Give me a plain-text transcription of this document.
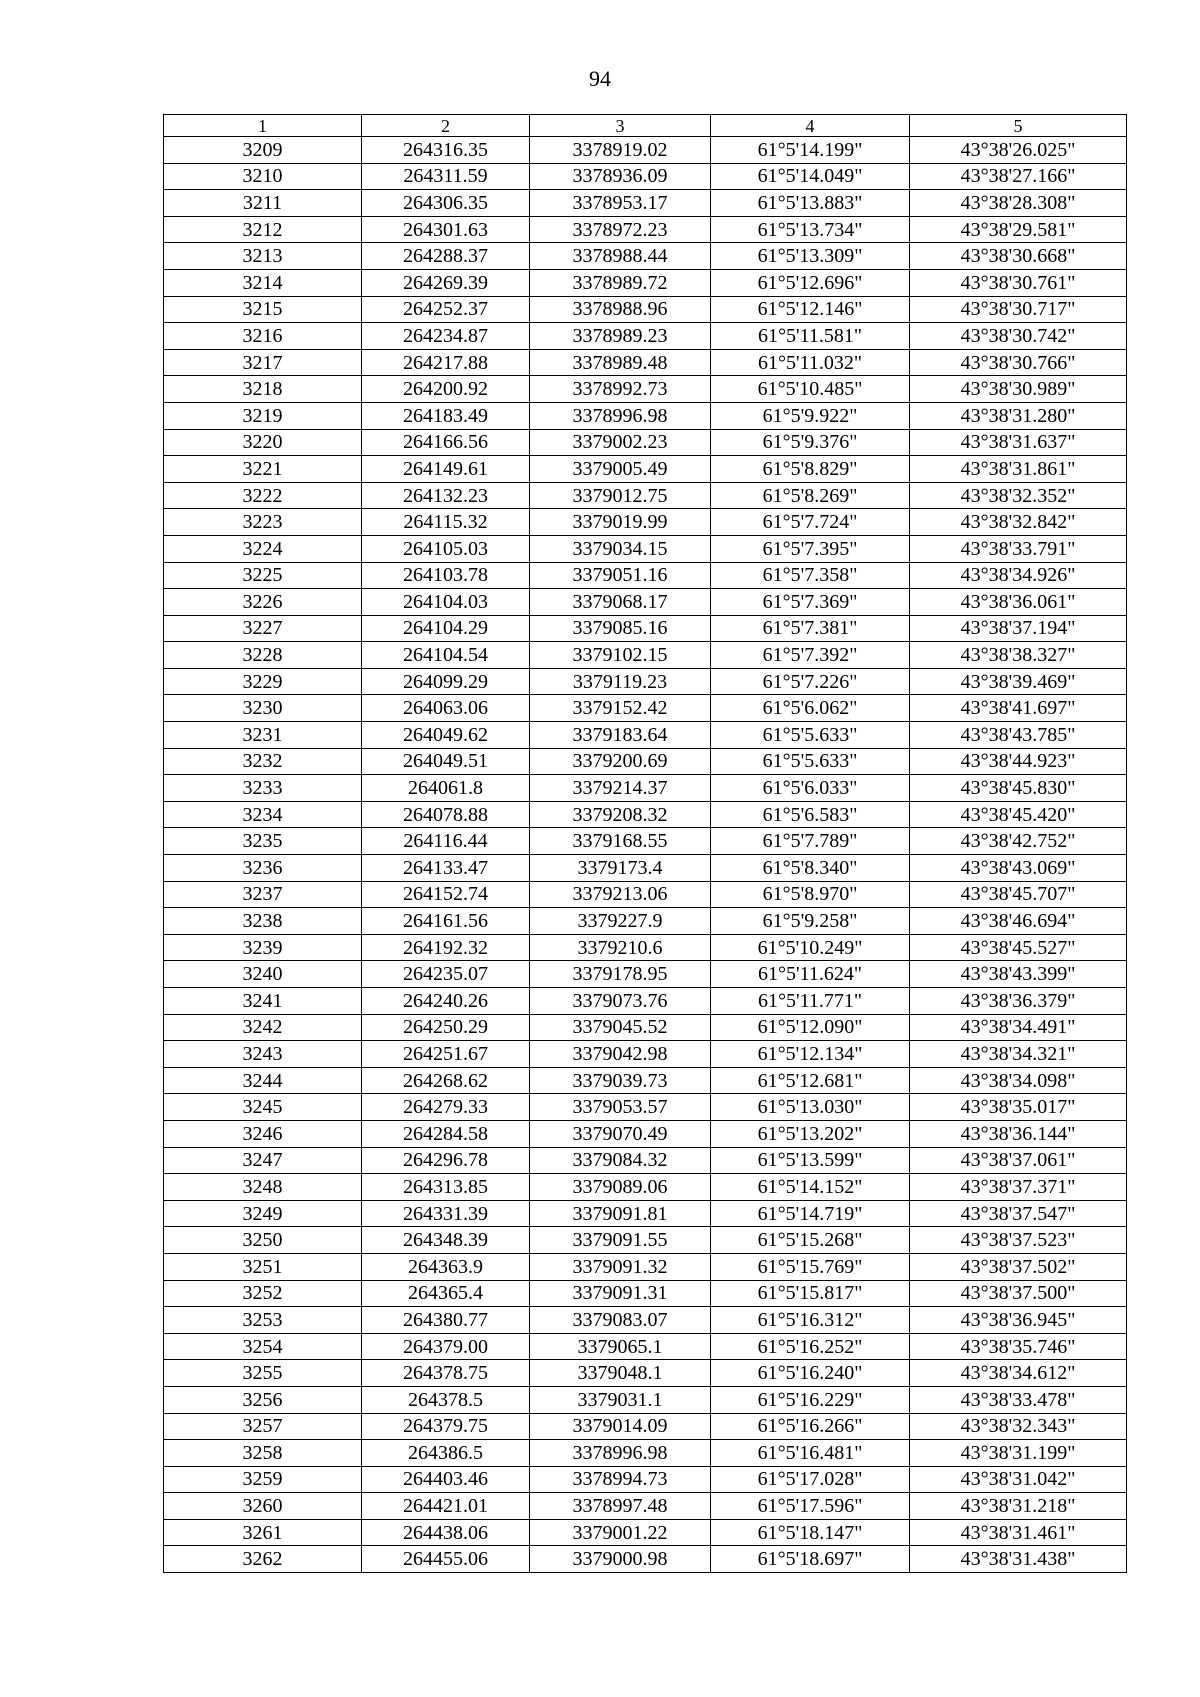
94
1	2	3	4	5
3209	264316.35	3378919.02	61°5'14.199"	43°38'26.025"
3210	264311.59	3378936.09	61°5'14.049"	43°38'27.166"
3211	264306.35	3378953.17	61°5'13.883"	43°38'28.308"
3212	264301.63	3378972.23	61°5'13.734"	43°38'29.581"
3213	264288.37	3378988.44	61°5'13.309"	43°38'30.668"
3214	264269.39	3378989.72	61°5'12.696"	43°38'30.761"
3215	264252.37	3378988.96	61°5'12.146"	43°38'30.717"
3216	264234.87	3378989.23	61°5'11.581"	43°38'30.742"
3217	264217.88	3378989.48	61°5'11.032"	43°38'30.766"
3218	264200.92	3378992.73	61°5'10.485"	43°38'30.989"
3219	264183.49	3378996.98	61°5'9.922"	43°38'31.280"
3220	264166.56	3379002.23	61°5'9.376"	43°38'31.637"
3221	264149.61	3379005.49	61°5'8.829"	43°38'31.861"
3222	264132.23	3379012.75	61°5'8.269"	43°38'32.352"
3223	264115.32	3379019.99	61°5'7.724"	43°38'32.842"
3224	264105.03	3379034.15	61°5'7.395"	43°38'33.791"
3225	264103.78	3379051.16	61°5'7.358"	43°38'34.926"
3226	264104.03	3379068.17	61°5'7.369"	43°38'36.061"
3227	264104.29	3379085.16	61°5'7.381"	43°38'37.194"
3228	264104.54	3379102.15	61°5'7.392"	43°38'38.327"
3229	264099.29	3379119.23	61°5'7.226"	43°38'39.469"
3230	264063.06	3379152.42	61°5'6.062"	43°38'41.697"
3231	264049.62	3379183.64	61°5'5.633"	43°38'43.785"
3232	264049.51	3379200.69	61°5'5.633"	43°38'44.923"
3233	264061.8	3379214.37	61°5'6.033"	43°38'45.830"
3234	264078.88	3379208.32	61°5'6.583"	43°38'45.420"
3235	264116.44	3379168.55	61°5'7.789"	43°38'42.752"
3236	264133.47	3379173.4	61°5'8.340"	43°38'43.069"
3237	264152.74	3379213.06	61°5'8.970"	43°38'45.707"
3238	264161.56	3379227.9	61°5'9.258"	43°38'46.694"
3239	264192.32	3379210.6	61°5'10.249"	43°38'45.527"
3240	264235.07	3379178.95	61°5'11.624"	43°38'43.399"
3241	264240.26	3379073.76	61°5'11.771"	43°38'36.379"
3242	264250.29	3379045.52	61°5'12.090"	43°38'34.491"
3243	264251.67	3379042.98	61°5'12.134"	43°38'34.321"
3244	264268.62	3379039.73	61°5'12.681"	43°38'34.098"
3245	264279.33	3379053.57	61°5'13.030"	43°38'35.017"
3246	264284.58	3379070.49	61°5'13.202"	43°38'36.144"
3247	264296.78	3379084.32	61°5'13.599"	43°38'37.061"
3248	264313.85	3379089.06	61°5'14.152"	43°38'37.371"
3249	264331.39	3379091.81	61°5'14.719"	43°38'37.547"
3250	264348.39	3379091.55	61°5'15.268"	43°38'37.523"
3251	264363.9	3379091.32	61°5'15.769"	43°38'37.502"
3252	264365.4	3379091.31	61°5'15.817"	43°38'37.500"
3253	264380.77	3379083.07	61°5'16.312"	43°38'36.945"
3254	264379.00	3379065.1	61°5'16.252"	43°38'35.746"
3255	264378.75	3379048.1	61°5'16.240"	43°38'34.612"
3256	264378.5	3379031.1	61°5'16.229"	43°38'33.478"
3257	264379.75	3379014.09	61°5'16.266"	43°38'32.343"
3258	264386.5	3378996.98	61°5'16.481"	43°38'31.199"
3259	264403.46	3378994.73	61°5'17.028"	43°38'31.042"
3260	264421.01	3378997.48	61°5'17.596"	43°38'31.218"
3261	264438.06	3379001.22	61°5'18.147"	43°38'31.461"
3262	264455.06	3379000.98	61°5'18.697"	43°38'31.438"
